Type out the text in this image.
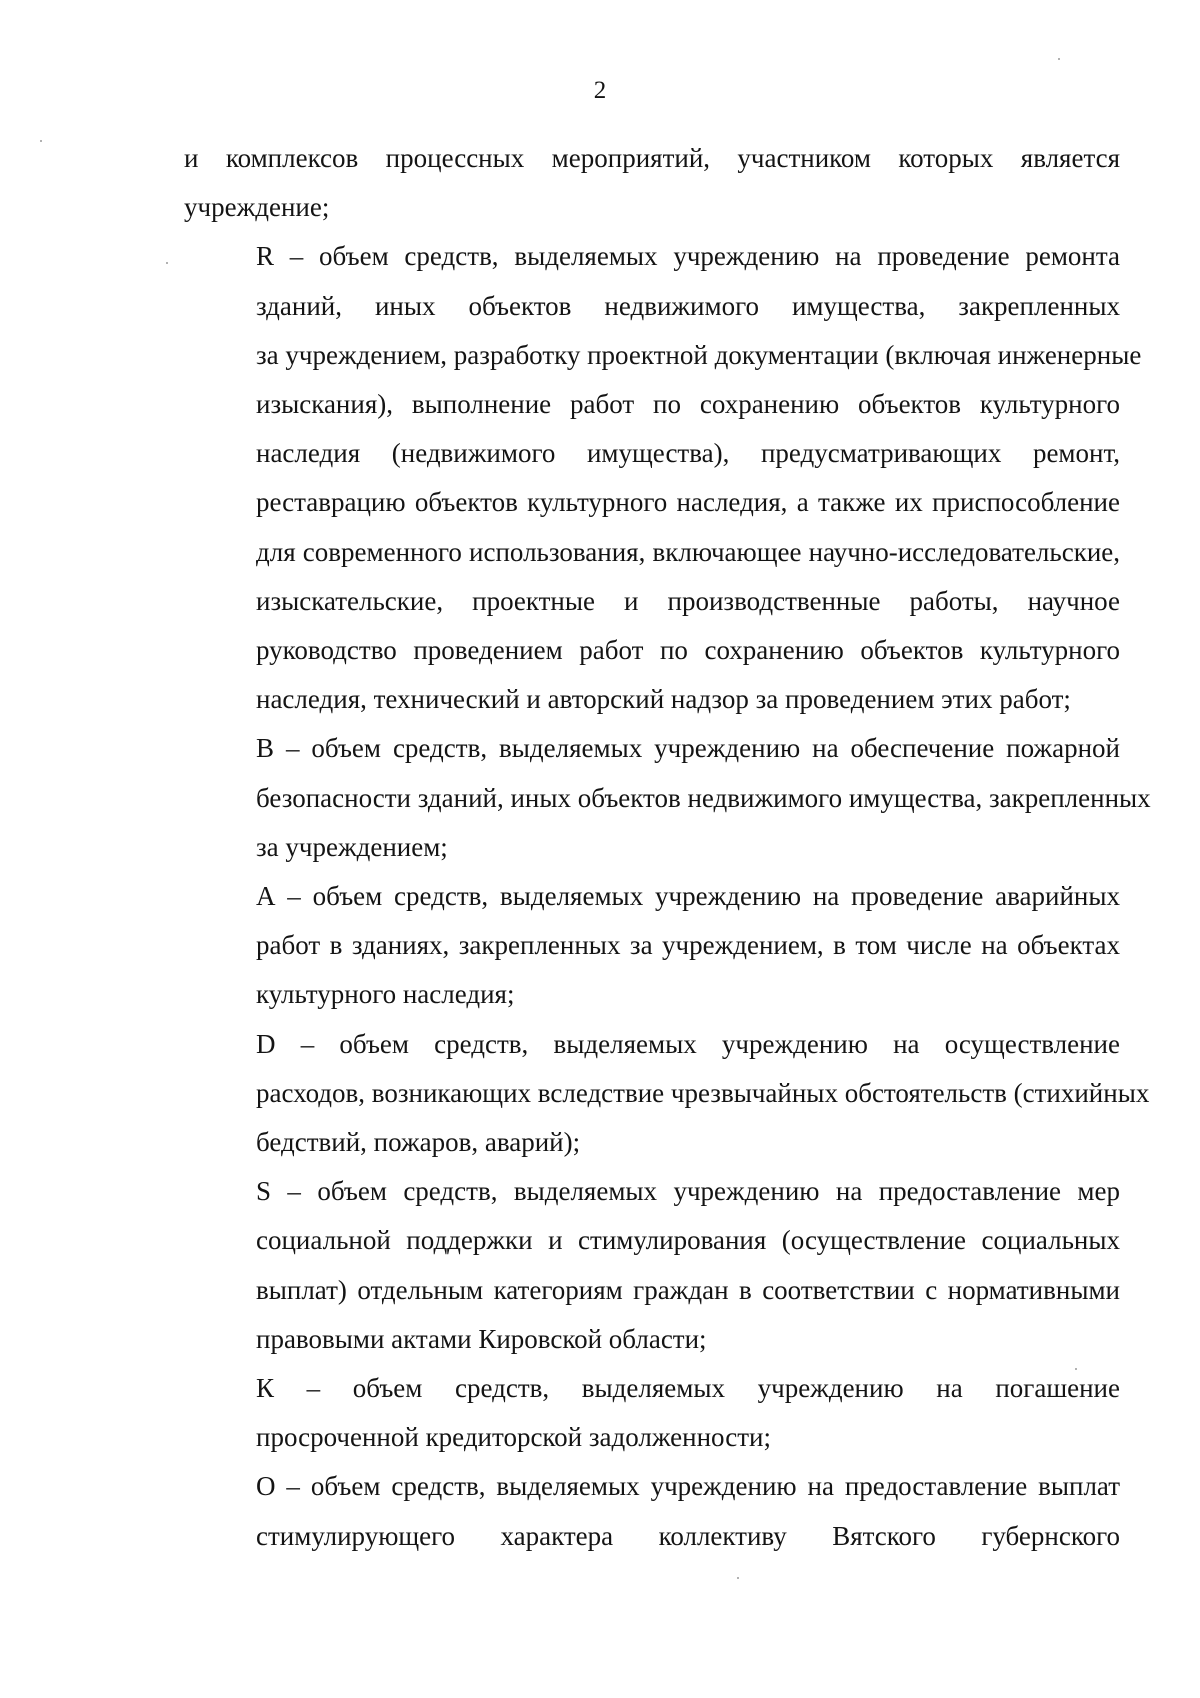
2

и комплексов процессных мероприятий, участником которых является
учреждение;

R – объем средств, выделяемых учреждению на проведение ремонта
зданий, иных объектов недвижимого имущества, закрепленных
за учреждением, разработку проектной документации (включая инженерные
изыскания), выполнение работ по сохранению объектов культурного
наследия (недвижимого имущества), предусматривающих ремонт,
реставрацию объектов культурного наследия, а также их приспособление
для современного использования, включающее научно-исследовательские,
изыскательские, проектные и производственные работы, научное
руководство проведением работ по сохранению объектов культурного
наследия, технический и авторский надзор за проведением этих работ;

B – объем средств, выделяемых учреждению на обеспечение пожарной
безопасности зданий, иных объектов недвижимого имущества, закрепленных
за учреждением;

А – объем средств, выделяемых учреждению на проведение аварийных
работ в зданиях, закрепленных за учреждением, в том числе на объектах
культурного наследия;

D – объем средств, выделяемых учреждению на осуществление
расходов, возникающих вследствие чрезвычайных обстоятельств (стихийных
бедствий, пожаров, аварий);

S – объем средств, выделяемых учреждению на предоставление мер
социальной поддержки и стимулирования (осуществление социальных
выплат) отдельным категориям граждан в соответствии с нормативными
правовыми актами Кировской области;

К – объем средств, выделяемых учреждению на погашение
просроченной кредиторской задолженности;

О – объем средств, выделяемых учреждению на предоставление выплат
стимулирующего характера коллективу Вятского губернского
